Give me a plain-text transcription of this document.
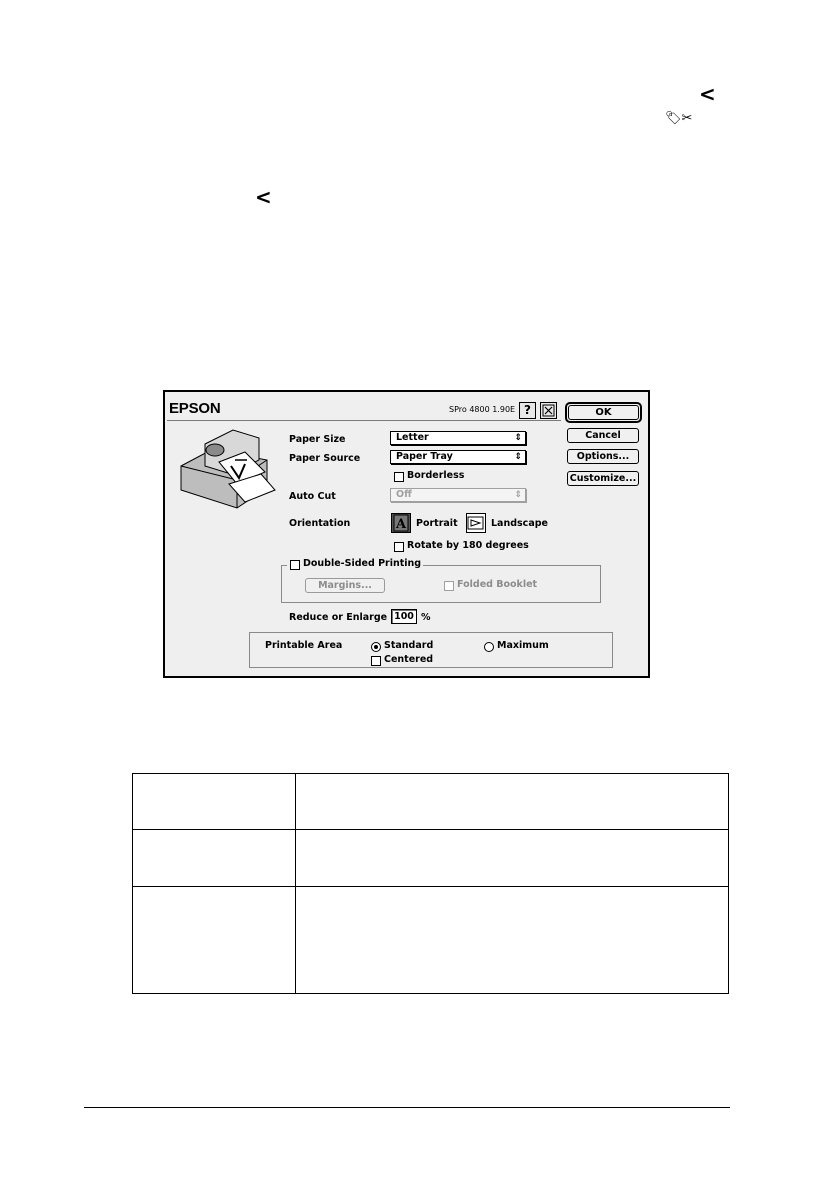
<
🏷✂
<
EPSON	SPro 4800 1.90E ?	OK
Cancel
Options...
Customize...
Paper Size	Letter	⇕
Paper Source	Paper Tray	⇕
Borderless
Auto Cut	Off	⇕
Orientation	A Portrait	Landscape
Rotate by 180 degrees
Double-Sided Printing
Margins...	Folded Booklet
Reduce or Enlarge 100 %
Printable Area	Standard	Maximum
Centered
